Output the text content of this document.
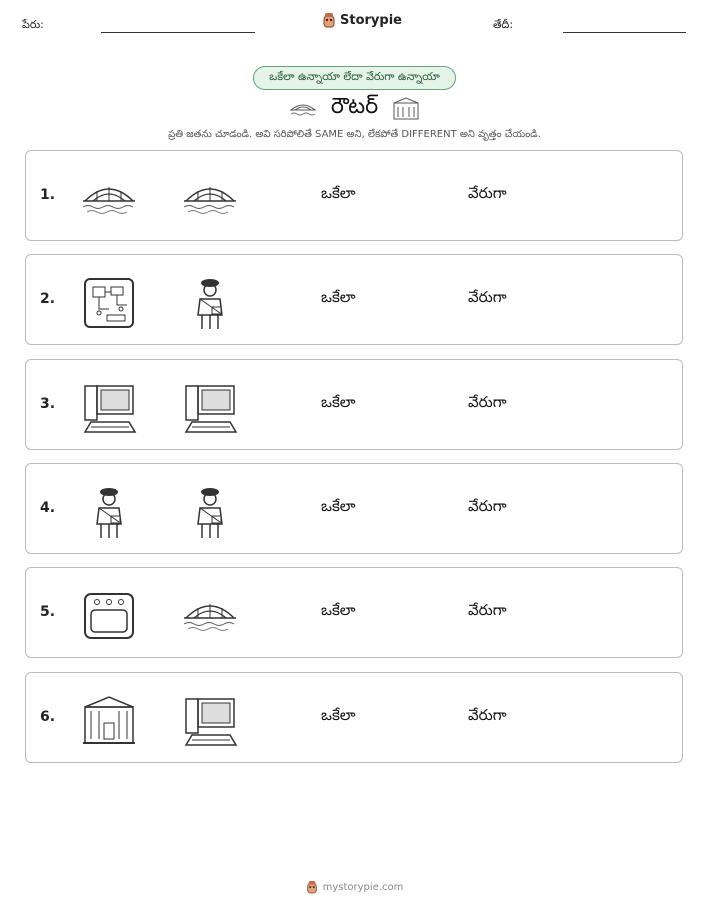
పేరు:	Storypie	తేదీ:
ఒకేలా ఉన్నాయా లేదా వేరుగా ఉన్నాయా
రౌటర్
ప్రతి జతను చూడండి. అవి సరిపోలితే SAME అని, లేకపోతే DIFFERENT అని వృత్తం చేయండి.
1.	ఒకేలా	వేరుగా
2.	ఒకేలా	వేరుగా
3.	ఒకేలా	వేరుగా
4.	ఒకేలా	వేరుగా
5.	ఒకేలా	వేరుగా
6.	ఒకేలా	వేరుగా
mystorypie.com
